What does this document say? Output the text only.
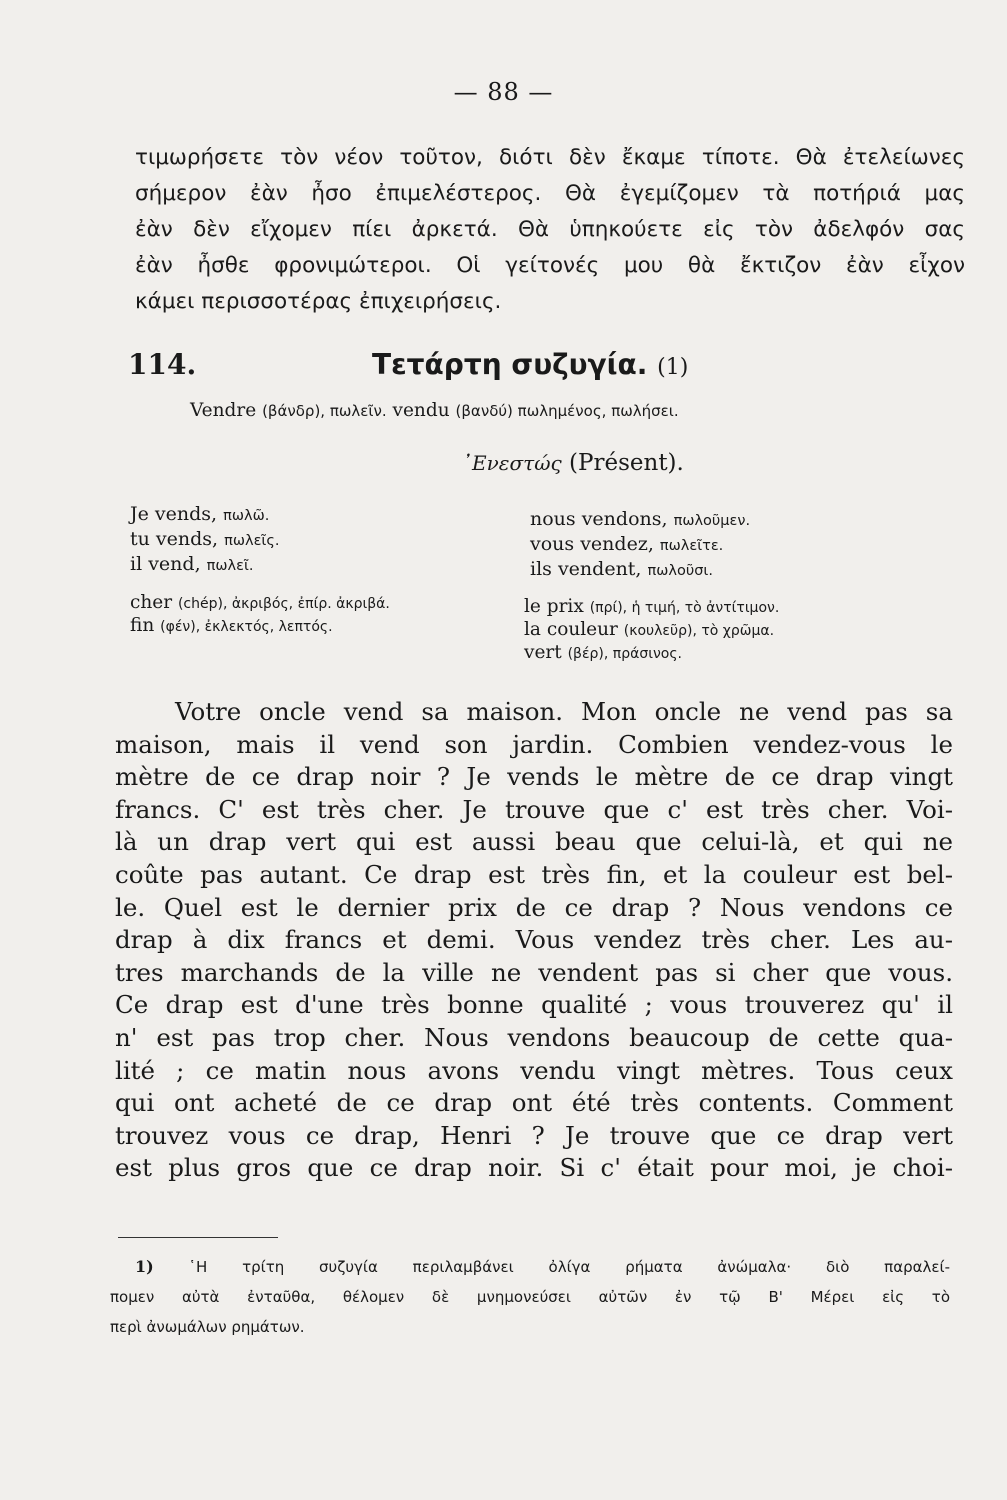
— 88 —
τιμωρήσετε τὸν νέον τοῦτον, διότι δὲν ἔκαμε τίποτε. Θὰ ἐτελείωνες
σήμερον ἐὰν ἦσο ἐπιμελέστερος. Θὰ ἐγεμίζομεν τὰ ποτήριά μας
ἐὰν δὲν εἴχομεν πίει ἀρκετά. Θὰ ὑπηκούετε εἰς τὸν ἀδελφόν σας
ἐὰν ἦσθε φρονιμώτεροι. Οἱ γείτονές μου θὰ ἔκτιζον ἐὰν εἶχον
κάμει περισσοτέρας ἐπιχειρήσεις.
114.	Τετάρτη συζυγία. (1)
Vendre (βάνδρ), πωλεῖν. vendu (βανδύ) πωλημένος, πωλήσει.
᾿Ενεστώς (Présent).
Je vends, πωλῶ.
tu vends, πωλεῖς.
il vend, πωλεῖ.
nous vendons, πωλοῦμεν.
vous vendez, πωλεῖτε.
ils vendent, πωλοῦσι.
cher (chép), ἀκριβός, ἐπίρ. ἀκριβά.
fin (φέν), ἐκλεκτός, λεπτός.
le prix (πρί), ἡ τιμή, τὸ ἀντίτιμον.
la couleur (κουλεῦρ), τὸ χρῶμα.
vert (βέρ), πράσινος.
Votre oncle vend sa maison. Mon oncle ne vend pas sa
maison, mais il vend son jardin. Combien vendez-vous le
mètre de ce drap noir ? Je vends le mètre de ce drap vingt
francs. C' est très cher. Je trouve que c' est très cher. Voi-
là un drap vert qui est aussi beau que celui-là, et qui ne
coûte pas autant. Ce drap est très fin, et la couleur est bel-
le. Quel est le dernier prix de ce drap ? Nous vendons ce
drap à dix francs et demi. Vous vendez très cher. Les au-
tres marchands de la ville ne vendent pas si cher que vous.
Ce drap est d'une très bonne qualité ; vous trouverez qu' il
n' est pas trop cher. Nous vendons beaucoup de cette qua-
lité ; ce matin nous avons vendu vingt mètres. Tous ceux
qui ont acheté de ce drap ont été très contents. Comment
trouvez vous ce drap, Henri ? Je trouve que ce drap vert
est plus gros que ce drap noir. Si c' était pour moi, je choi-
1) ῾Η τρίτη συζυγία περιλαμβάνει ὀλίγα ρήματα ἀνώμαλα· διὸ παραλεί-
πομεν αὐτὰ ἐνταῦθα, θέλομεν δὲ μνημονεύσει αὐτῶν ἐν τῷ Β' Μέρει εἰς τὸ
περὶ ἀνωμάλων ρημάτων.
